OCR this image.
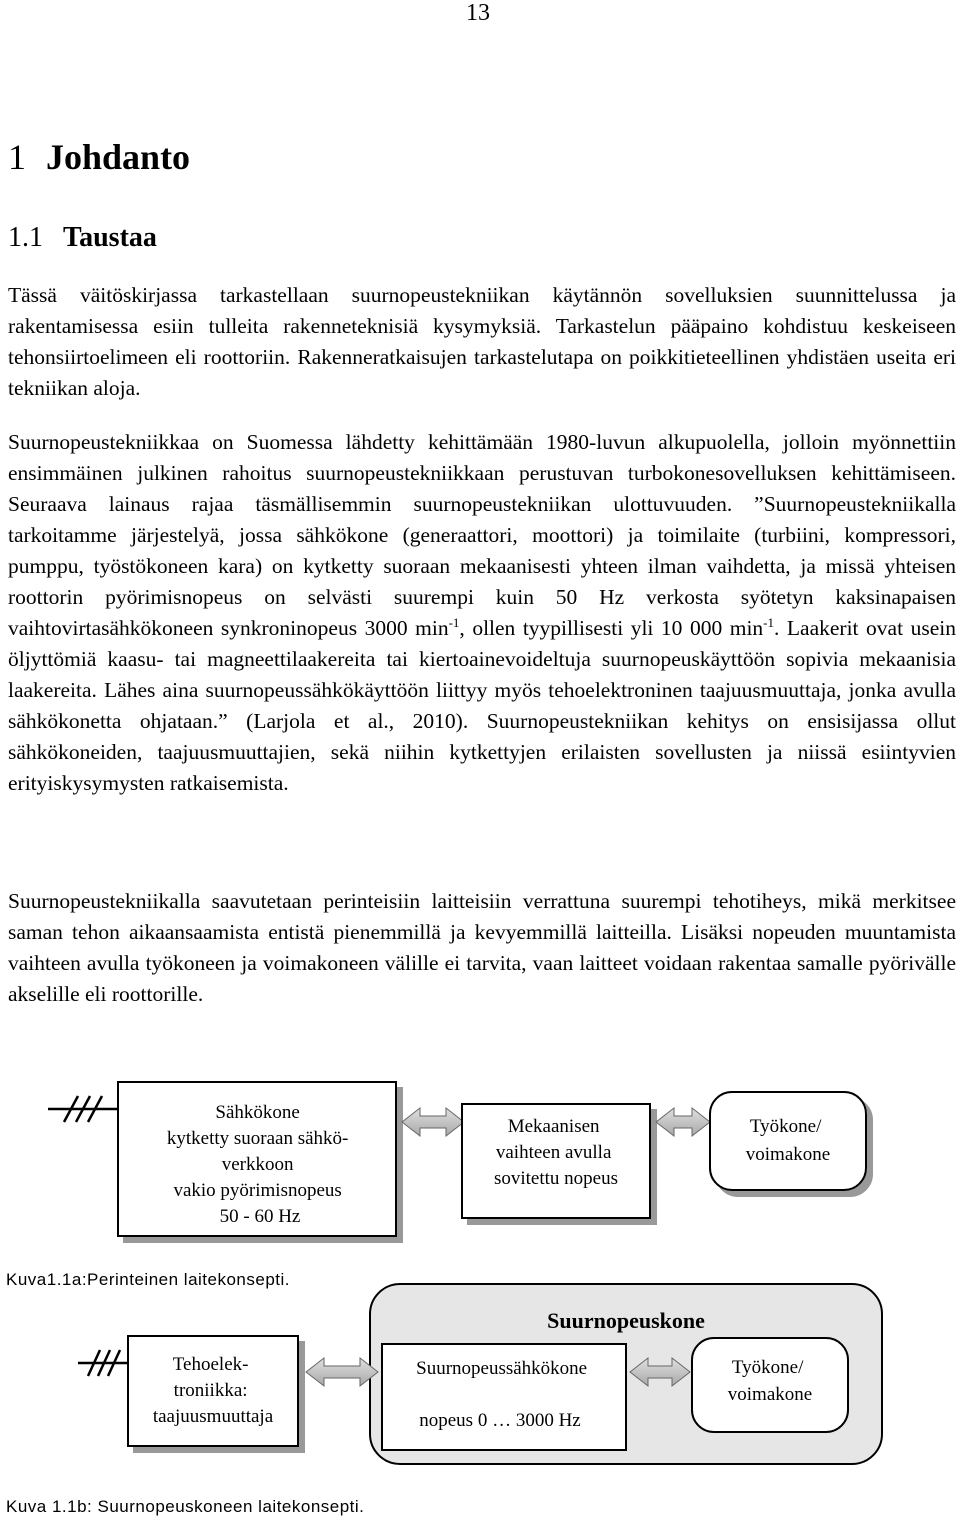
13
1 Johdanto
1.1 Taustaa

Tässä väitöskirjassa tarkastellaan suurnopeustekniikan käytännön sovelluksien suunnittelussa ja rakentamisessa esiin tulleita rakenneteknisiä kysymyksiä. Tarkastelun pääpaino kohdistuu keskeiseen tehonsiirtoelimeen eli roottoriin. Rakenneratkaisujen tarkastelutapa on poikkitieteellinen yhdistäen useita eri tekniikan aloja.

Suurnopeustekniikkaa on Suomessa lähdetty kehittämään 1980-luvun alkupuolella, jolloin myönnettiin ensimmäinen julkinen rahoitus suurnopeustekniikkaan perustuvan turbokonesovelluksen kehittämiseen. Seuraava lainaus rajaa täsmällisemmin suurnopeustekniikan ulottuvuuden. ”Suurnopeustekniikalla tarkoitamme järjestelyä, jossa sähkökone (generaattori, moottori) ja toimilaite (turbiini, kompressori, pumppu, työstökoneen kara) on kytketty suoraan mekaanisesti yhteen ilman vaihdetta, ja missä yhteisen roottorin pyörimisnopeus on selvästi suurempi kuin 50 Hz verkosta syötetyn kaksinapaisen vaihtovirtasähkökoneen synkroninopeus 3000 $\min^{-1}$, ollen tyypillisesti yli 10 000 $\min^{-1}$. Laakerit ovat usein öljyttömiä kaasu- tai magneettilaakereita tai kiertoainevoideltuja suurnopeuskäyttöön sopivia mekaanisia laakereita. Lähes aina suurnopeussähkökäyttöön liittyy myös tehoelektroninen taajuusmuuttaja, jonka avulla sähkökonetta ohjataan.” (Larjola et al., 2010). Suurnopeustekniikan kehitys on ensisijassa ollut sähkökoneiden, taajuusmuuttajien, sekä niihin kytkettyjen erilaisten sovellusten ja niissä esiintyvien erityiskysymysten ratkaisemista.

Suurnopeustekniikalla saavutetaan perinteisiin laitteisiin verrattuna suurempi tehotiheys, mikä merkitsee saman tehon aikaansaamista entistä pienemmillä ja kevyemmillä laitteilla. Lisäksi nopeuden muuntamista vaihteen avulla työkoneen ja voimakoneen välille ei tarvita, vaan laitteet voidaan rakentaa samalle pyörivälle akselille eli roottorille.

Sähkökone kytketty suoraan sähkö- verkkoon vakio pyörimisnopeus 50 - 60 Hz
Mekaanisen vaihteen avulla sovitettu nopeus
Työkone/ voimakone
Suurnopeuskone
Tehoelek- troniikka: taajuusmuuttaja
Suurnopeussähkökone nopeus 0 … 3000 Hz
Työkone/ voimakone
Kuva1.1a:Perinteinen laitekonsepti.
Kuva 1.1b: Suurnopeuskoneen laitekonsepti.
